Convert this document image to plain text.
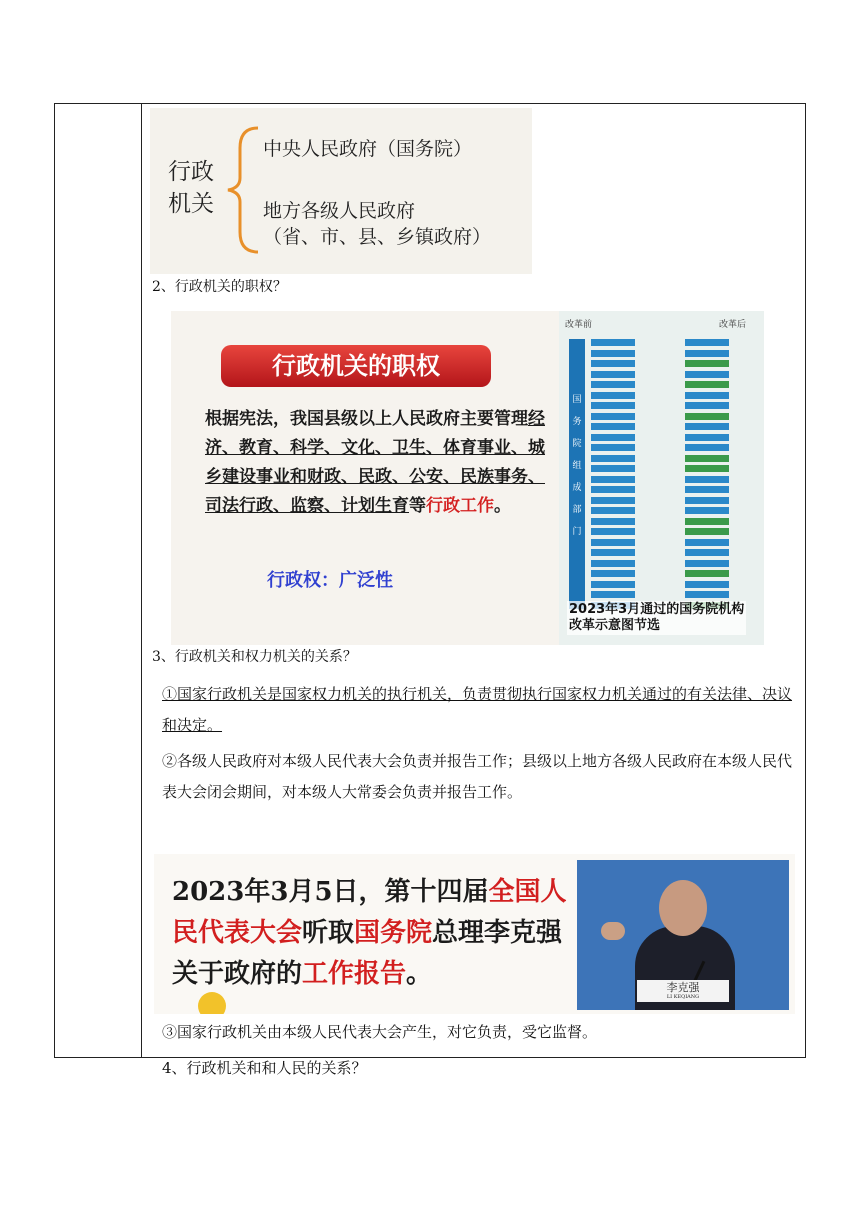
行政
机关
中央人民政府（国务院）
地方各级人民政府
（省、市、县、乡镇政府）
2、行政机关的职权？
行政机关的职权
根据宪法，我国县级以上人民政府主要管理经济、教育、科学、文化、卫生、体育事业、城乡建设事业和财政、民政、公安、民族事务、司法行政、监察、计划生育等行政工作。
行政权：广泛性
改革前	改革后
国务院组成部门
2023年3月通过的国务院机构
改革示意图节选
3、行政机关和权力机关的关系？
①国家行政机关是国家权力机关的执行机关，负责贯彻执行国家权力机关通过的有关法律、决议和决定。
②各级人民政府对本级人民代表大会负责并报告工作；县级以上地方各级人民政府在本级人民代表大会闭会期间，对本级人大常委会负责并报告工作。
2023年3月5日，第十四届全国人民代表大会听取国务院总理李克强关于政府的工作报告。	李克强
LI KEQIANG
③国家行政机关由本级人民代表大会产生，对它负责，受它监督。
4、行政机关和和人民的关系？
